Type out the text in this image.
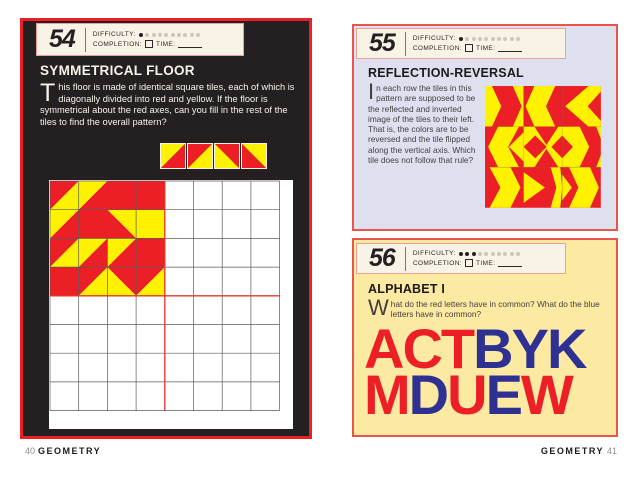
54	DIFFICULTY:
COMPLETION: TIME:
SYMMETRICAL FLOOR
This floor is made of identical square tiles, each of which is diagonally divided into red and yellow. If the floor is symmetrical about the red axes, can you fill in the rest of the tiles to find the overall pattern?
55	DIFFICULTY:
COMPLETION: TIME:
REFLECTION-REVERSAL
In each row the tiles in this pattern are supposed to be the reflected and inverted image of the tiles to their left. That is, the colors are to be reversed and the tile flipped along the vertical axis. Which tile does not follow that rule?
56	DIFFICULTY:
COMPLETION: TIME:
ALPHABET I
What do the red letters have in common? What do the blue letters have in common?
ACTBYK
MDUEW
40 GEOMETRY	GEOMETRY 41
